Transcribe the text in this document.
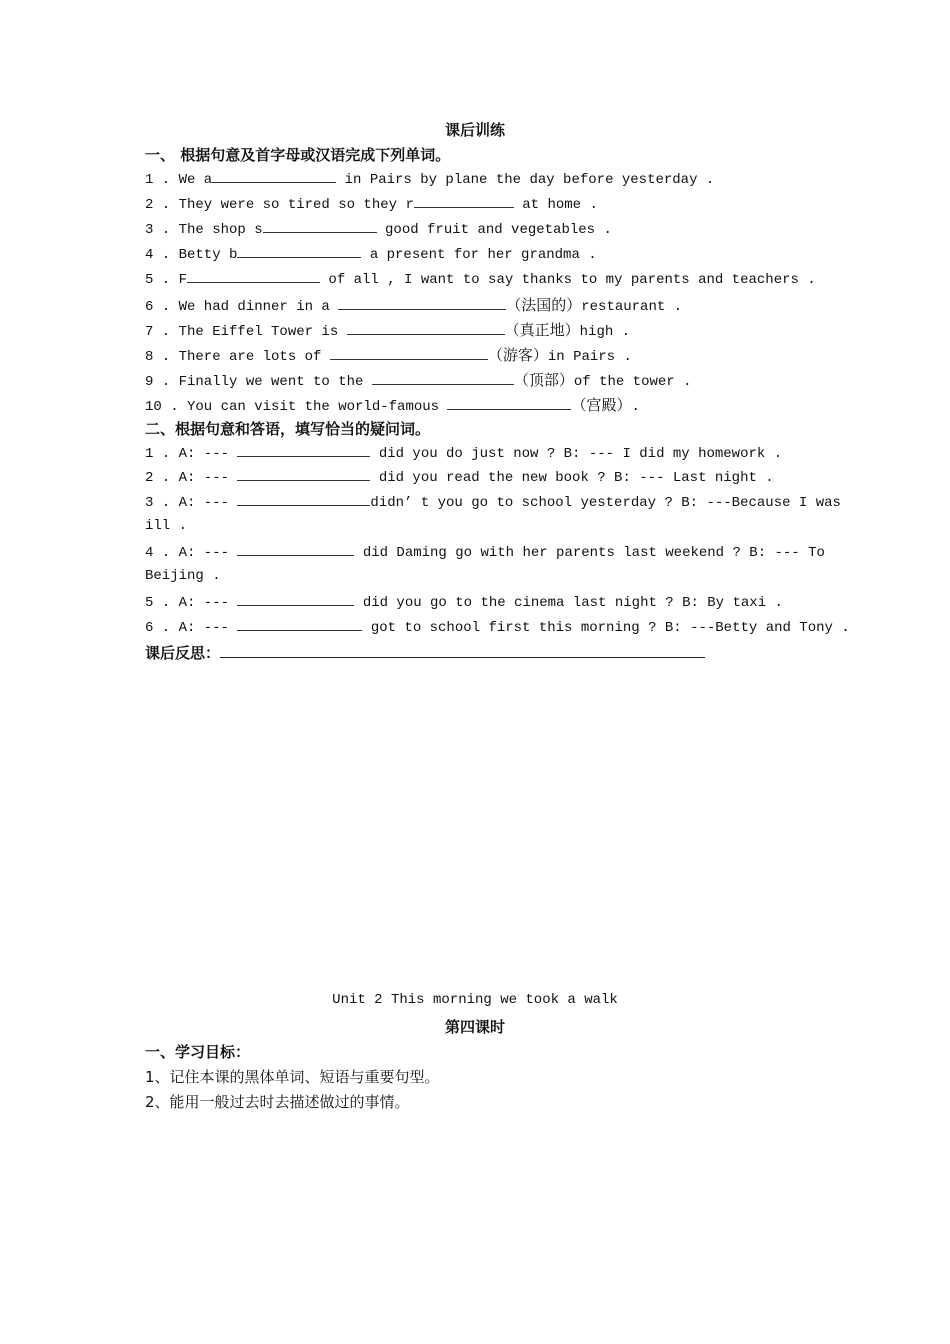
课后训练
一、 根据句意及首字母或汉语完成下列单词。
1 . We a	in Pairs by plane the day before yesterday .
2 . They were so tired so they r	at home .
3 . The shop s	good fruit and vegetables .
4 . Betty b	a present for her grandma .
5 . F	of all , I want to say thanks to my parents and teachers .
6 . We had dinner in a	（法国的）restaurant .
7 . The Eiffel Tower is	（真正地）high .
8 . There are lots of	（游客）in Pairs .
9 . Finally we went to the	（顶部）of the tower .
10 . You can visit the world-famous	（宫殿）.
二、根据句意和答语，填写恰当的疑问词。
1 . A: ---	did you do just now ? B: --- I did my homework .
2 . A: ---	did you read the new book ? B: --- Last night .
3 . A: ---	didn’ t you go to school yesterday ? B: ---Because I was
ill .
4 . A: ---	did Daming go with her parents last weekend ? B: --- To
Beijing .
5 . A: ---	did you go to the cinema last night ? B: By taxi .
6 . A: ---	got to school first this morning ? B: ---Betty and Tony .
课后反思：
Unit 2 This morning we took a walk
第四课时
一、学习目标：
1、记住本课的黑体单词、短语与重要句型。
2、能用一般过去时去描述做过的事情。
